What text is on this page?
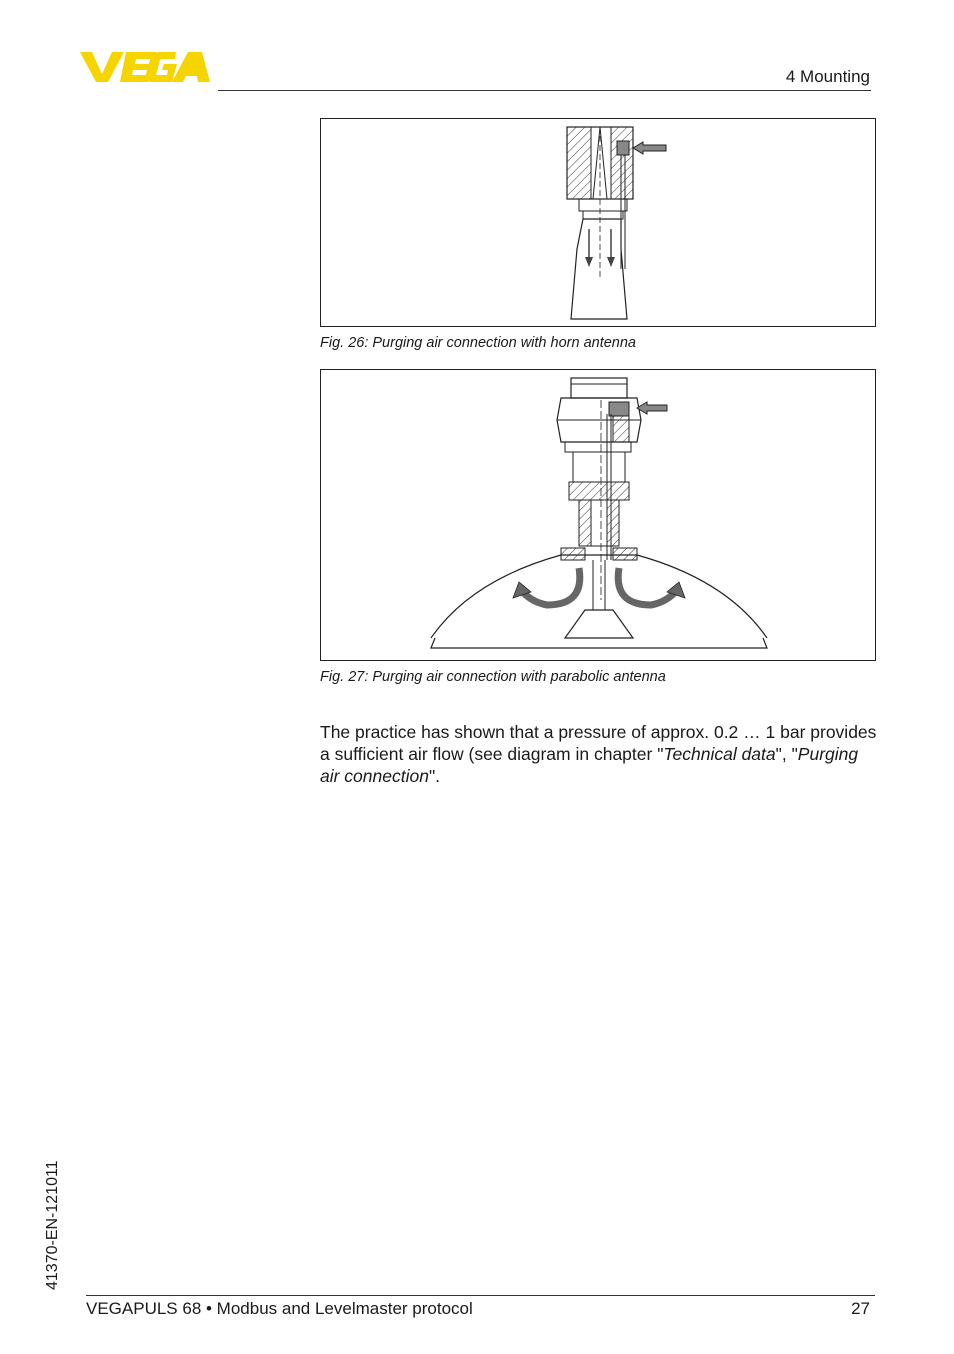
4 Mounting
Fig. 26: Purging air connection with horn antenna
Fig. 27: Purging air connection with parabolic antenna

The practice has shown that a pressure of approx. 0.2 … 1 bar provides a sufficient air flow (see diagram in chapter "Technical data", "Purging air connection".

41370-EN-121011
VEGAPULS 68 • Modbus and Levelmaster protocol	27
